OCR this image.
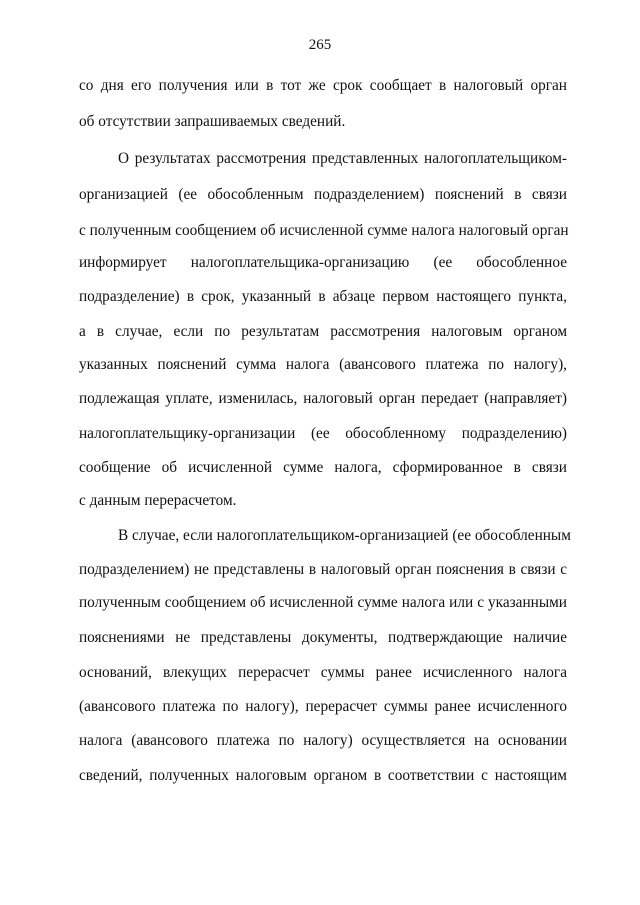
265
со дня его получения или в тот же срок сообщает в налоговый орган
об отсутствии запрашиваемых сведений.
О результатах рассмотрения представленных налогоплательщиком-
организацией (ее обособленным подразделением) пояснений в связи
с полученным сообщением об исчисленной сумме налога налоговый орган
информирует налогоплательщика-организацию (ее обособленное
подразделение) в срок, указанный в абзаце первом настоящего пункта,
а в случае, если по результатам рассмотрения налоговым органом
указанных пояснений сумма налога (авансового платежа по налогу),
подлежащая уплате, изменилась, налоговый орган передает (направляет)
налогоплательщику-организации (ее обособленному подразделению)
сообщение об исчисленной сумме налога, сформированное в связи
с данным перерасчетом.
В случае, если налогоплательщиком-организацией (ее обособленным
подразделением) не представлены в налоговый орган пояснения в связи с
полученным сообщением об исчисленной сумме налога или с указанными
пояснениями не представлены документы, подтверждающие наличие
оснований, влекущих перерасчет суммы ранее исчисленного налога
(авансового платежа по налогу), перерасчет суммы ранее исчисленного
налога (авансового платежа по налогу) осуществляется на основании
сведений, полученных налоговым органом в соответствии с настоящим
